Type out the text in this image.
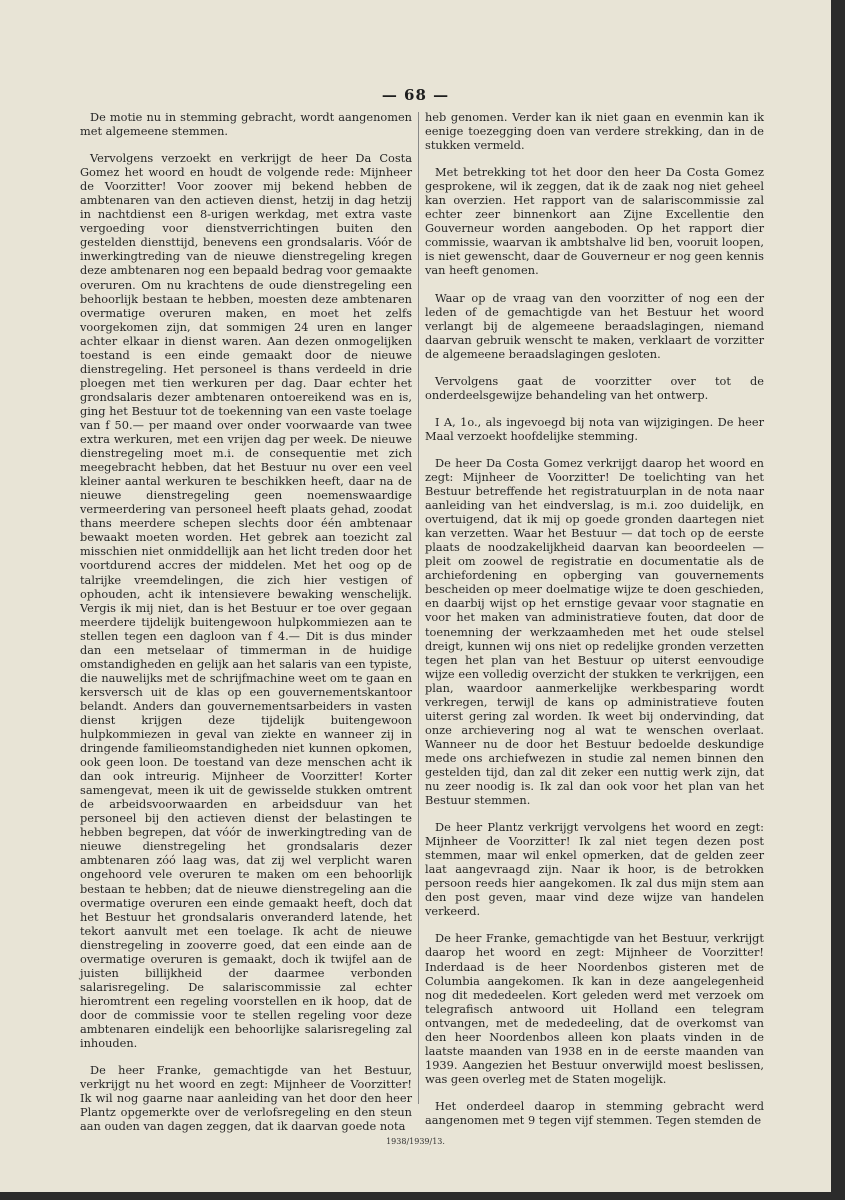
— 68 —

De motie nu in stemming gebracht, wordt aangenomen met algemeene stemmen.

Vervolgens verzoekt en verkrijgt de heer Da Costa Gomez het woord en houdt de volgende rede: Mijnheer de Voorzitter! Voor zoover mij bekend hebben de ambtenaren van den actieven dienst, hetzij in dag hetzij in nachtdienst een 8-urigen werkdag, met extra vaste vergoeding voor dienstverrichtingen buiten den gestelden diensttijd, benevens een grondsalaris. Vóór de inwerkingtreding van de nieuwe dienstregeling kregen deze ambtenaren nog een bepaald bedrag voor gemaakte overuren. Om nu krachtens de oude dienstregeling een behoorlijk bestaan te hebben, moesten deze ambtenaren overmatige overuren maken, en moet het zelfs voorgekomen zijn, dat sommigen 24 uren en langer achter elkaar in dienst waren. Aan dezen onmogelijken toestand is een einde gemaakt door de nieuwe dienstregeling. Het personeel is thans verdeeld in drie ploegen met tien werkuren per dag. Daar echter het grondsalaris dezer ambtenaren ontoereikend was en is, ging het Bestuur tot de toekenning van een vaste toelage van f 50.— per maand over onder voorwaarde van twee extra werkuren, met een vrijen dag per week. De nieuwe dienstregeling moet m.i. de consequentie met zich meegebracht hebben, dat het Bestuur nu over een veel kleiner aantal werkuren te beschikken heeft, daar na de nieuwe dienstregeling geen noemenswaardige vermeerdering van personeel heeft plaats gehad, zoodat thans meerdere schepen slechts door één ambtenaar bewaakt moeten worden. Het gebrek aan toezicht zal misschien niet onmiddellijk aan het licht treden door het voortdurend accres der middelen. Met het oog op de talrijke vreemdelingen, die zich hier vestigen of ophouden, acht ik intensievere bewaking wenschelijk. Vergis ik mij niet, dan is het Bestuur er toe over gegaan meerdere tijdelijk buitengewoon hulpkommiezen aan te stellen tegen een dagloon van f 4.— Dit is dus minder dan een metselaar of timmerman in de huidige omstandigheden en gelijk aan het salaris van een typiste, die nauwelijks met de schrijfmachine weet om te gaan en kersversch uit de klas op een gouvernementskantoor belandt. Anders dan gouvernementsarbeiders in vasten dienst krijgen deze tijdelijk buitengewoon hulpkommiezen in geval van ziekte en wanneer zij in dringende familieomstandigheden niet kunnen opkomen, ook geen loon. De toestand van deze menschen acht ik dan ook intreurig. Mijnheer de Voorzitter! Korter samengevat, meen ik uit de gewisselde stukken omtrent de arbeidsvoorwaarden en arbeidsduur van het personeel bij den actieven dienst der belastingen te hebben begrepen, dat vóór de inwerkingtreding van de nieuwe dienstregeling het grondsalaris dezer ambtenaren zóó laag was, dat zij wel verplicht waren ongehoord vele overuren te maken om een behoorlijk bestaan te hebben; dat de nieuwe dienstregeling aan die overmatige overuren een einde gemaakt heeft, doch dat het Bestuur het grondsalaris onveranderd latende, het tekort aanvult met een toelage. Ik acht de nieuwe dienstregeling in zooverre goed, dat een einde aan de overmatige overuren is gemaakt, doch ik twijfel aan de juisten billijkheid der daarmee verbonden salarisregeling. De salariscommissie zal echter hieromtrent een regeling voorstellen en ik hoop, dat de door de commissie voor te stellen regeling voor deze ambtenaren eindelijk een behoorlijke salarisregeling zal inhouden.

De heer Franke, gemachtigde van het Bestuur, verkrijgt nu het woord en zegt: Mijnheer de Voorzitter! Ik wil nog gaarne naar aanleiding van het door den heer Plantz opgemerkte over de verlofsregeling en den steun aan ouden van dagen zeggen, dat ik daarvan goede nota

heb genomen. Verder kan ik niet gaan en evenmin kan ik eenige toezegging doen van verdere strekking, dan in de stukken vermeld.

Met betrekking tot het door den heer Da Costa Gomez gesprokene, wil ik zeggen, dat ik de zaak nog niet geheel kan overzien. Het rapport van de salariscommissie zal echter zeer binnenkort aan Zijne Excellentie den Gouverneur worden aangeboden. Op het rapport dier commissie, waarvan ik ambtshalve lid ben, vooruit loopen, is niet gewenscht, daar de Gouverneur er nog geen kennis van heeft genomen.

Waar op de vraag van den voorzitter of nog een der leden of de gemachtigde van het Bestuur het woord verlangt bij de algemeene beraadslagingen, niemand daarvan gebruik wenscht te maken, verklaart de vorzitter de algemeene beraadslagingen gesloten.

Vervolgens gaat de voorzitter over tot de onderdeelsgewijze behandeling van het ontwerp.

I A, 1o., als ingevoegd bij nota van wijzigingen. De heer Maal verzoekt hoofdelijke stemming.

De heer Da Costa Gomez verkrijgt daarop het woord en zegt: Mijnheer de Voorzitter! De toelichting van het Bestuur betreffende het registratuurplan in de nota naar aanleiding van het eindverslag, is m.i. zoo duidelijk, en overtuigend, dat ik mij op goede gronden daartegen niet kan verzetten. Waar het Bestuur — dat toch op de eerste plaats de noodzakelijkheid daarvan kan beoordeelen — pleit om zoowel de registratie en documentatie als de archiefordening en opberging van gouvernements bescheiden op meer doelmatige wijze te doen geschieden, en daarbij wijst op het ernstige gevaar voor stagnatie en voor het maken van administratieve fouten, dat door de toenemning der werkzaamheden met het oude stelsel dreigt, kunnen wij ons niet op redelijke gronden verzetten tegen het plan van het Bestuur op uiterst eenvoudige wijze een volledig overzicht der stukken te verkrijgen, een plan, waardoor aanmerkelijke werkbesparing wordt verkregen, terwijl de kans op administratieve fouten uiterst gering zal worden. Ik weet bij ondervinding, dat onze archievering nog al wat te wenschen overlaat. Wanneer nu de door het Bestuur bedoelde deskundige mede ons archiefwezen in studie zal nemen binnen den gestelden tijd, dan zal dit zeker een nuttig werk zijn, dat nu zeer noodig is. Ik zal dan ook voor het plan van het Bestuur stemmen.

De heer Plantz verkrijgt vervolgens het woord en zegt: Mijnheer de Voorzitter! Ik zal niet tegen dezen post stemmen, maar wil enkel opmerken, dat de gelden zeer laat aangevraagd zijn. Naar ik hoor, is de betrokken persoon reeds hier aangekomen. Ik zal dus mijn stem aan den post geven, maar vind deze wijze van handelen verkeerd.

De heer Franke, gemachtigde van het Bestuur, verkrijgt daarop het woord en zegt: Mijnheer de Voorzitter! Inderdaad is de heer Noordenbos gisteren met de Columbia aangekomen. Ik kan in deze aangelegenheid nog dit mededeelen. Kort geleden werd met verzoek om telegrafisch antwoord uit Holland een telegram ontvangen, met de mededeeling, dat de overkomst van den heer Noordenbos alleen kon plaats vinden in de laatste maanden van 1938 en in de eerste maanden van 1939. Aangezien het Bestuur onverwijld moest beslissen, was geen overleg met de Staten mogelijk.

Het onderdeel daarop in stemming gebracht werd aangenomen met 9 tegen vijf stemmen. Tegen stemden de

1938/1939/13.
